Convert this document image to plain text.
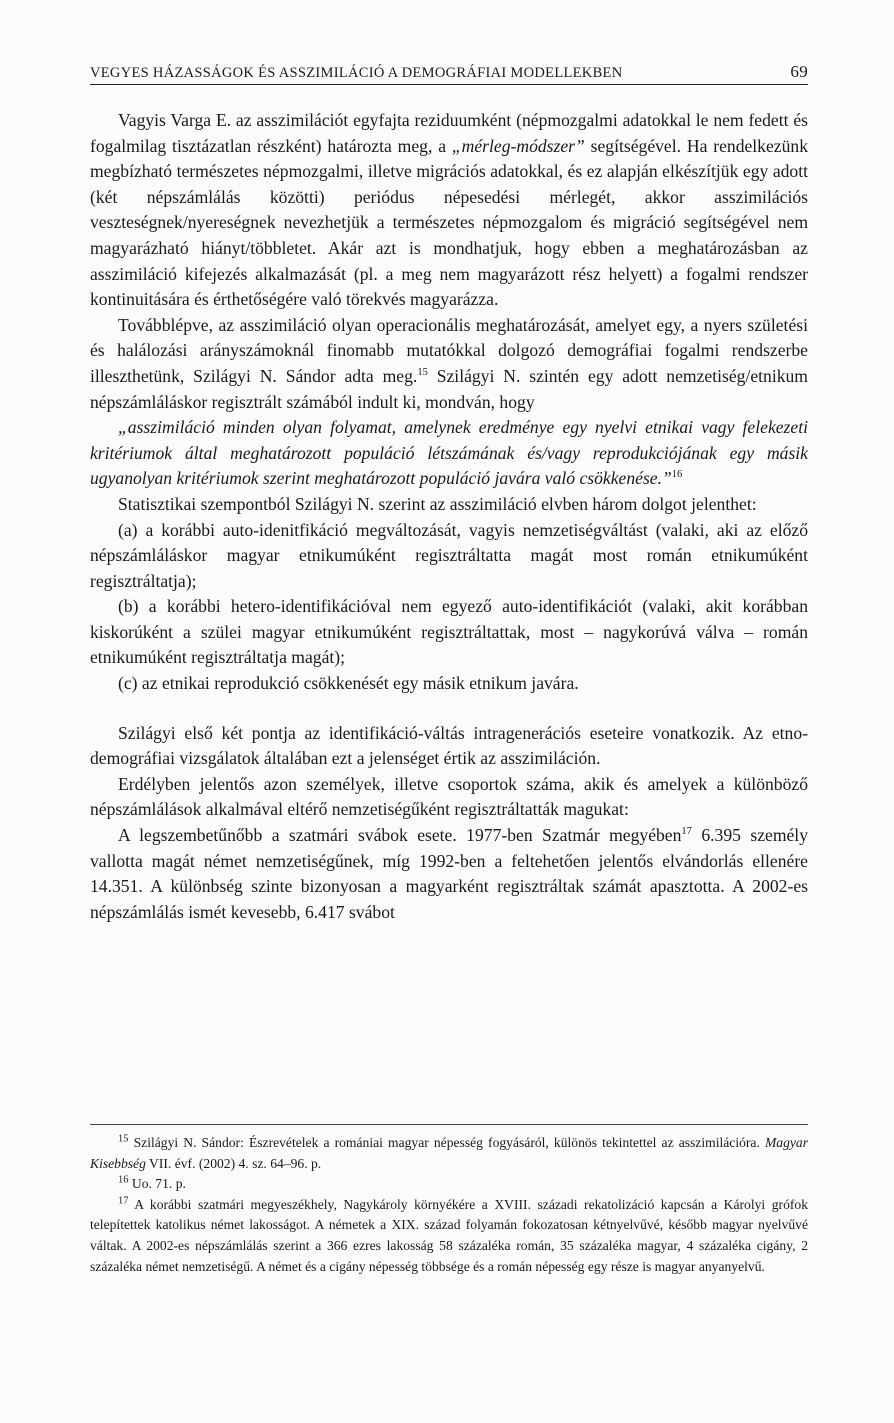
VEGYES HÁZASSÁGOK ÉS ASSZIMILÁCIÓ A DEMOGRÁFIAI MODELLEKBEN	69

Vagyis Varga E. az asszimilációt egyfajta reziduumként (népmozgalmi adatokkal le nem fedett és fogalmilag tisztázatlan részként) határozta meg, a „mérleg-módszer” segítségével. Ha rendelkezünk megbízható természetes népmozgalmi, illetve migrációs adatokkal, és ez alapján elkészítjük egy adott (két népszámlálás közötti) periódus népesedési mérlegét, akkor asszimilációs veszteségnek/nyereségnek nevezhetjük a természetes népmozgalom és migráció segítségével nem magyarázható hiányt/többletet. Akár azt is mondhatjuk, hogy ebben a meghatározásban az asszimiláció kifejezés alkalmazását (pl. a meg nem magyarázott rész helyett) a fogalmi rendszer kontinuitására és érthetőségére való törekvés magyarázza.

Továbblépve, az asszimiláció olyan operacionális meghatározását, amelyet egy, a nyers születési és halálozási arányszámoknál finomabb mutatókkal dolgozó demográfiai fogalmi rendszerbe illeszthetünk, Szilágyi N. Sándor adta meg.$^{15}$ Szilágyi N. szintén egy adott nemzetiség/etnikum népszámláláskor regisztrált számából indult ki, mondván, hogy

„asszimiláció minden olyan folyamat, amelynek eredménye egy nyelvi etnikai vagy felekezeti kritériumok által meghatározott populáció létszámának és/vagy reprodukciójának egy másik ugyanolyan kritériumok szerint meghatározott populáció javára való csökkenése.”$^{16}$

Statisztikai szempontból Szilágyi N. szerint az asszimiláció elvben három dolgot jelenthet:

(a) a korábbi auto-idenitfikáció megváltozását, vagyis nemzetiségváltást (valaki, aki az előző népszámláláskor magyar etnikumúként regisztráltatta magát most román etnikumúként regisztráltatja);

(b) a korábbi hetero-identifikációval nem egyező auto-identifikációt (valaki, akit korábban kiskorúként a szülei magyar etnikumúként regisztráltattak, most – nagykorúvá válva – román etnikumúként regisztráltatja magát);

(c) az etnikai reprodukció csökkenését egy másik etnikum javára.

Szilágyi első két pontja az identifikáció-váltás intragenerációs eseteire vonatkozik. Az etno-demográfiai vizsgálatok általában ezt a jelenséget értik az asszimiláción.

Erdélyben jelentős azon személyek, illetve csoportok száma, akik és amelyek a különböző népszámlálások alkalmával eltérő nemzetiségűként regisztráltatták magukat:

A legszembetűnőbb a szatmári svábok esete. 1977-ben Szatmár megyében$^{17}$ 6.395 személy vallotta magát német nemzetiségűnek, míg 1992-ben a feltehetően jelentős elvándorlás ellenére 14.351. A különbség szinte bizonyosan a magyarként regisztráltak számát apasztotta. A 2002-es népszámlálás ismét kevesebb, 6.417 svábot

$^{15}$ Szilágyi N. Sándor: Észrevételek a romániai magyar népesség fogyásáról, különös tekintettel az asszimilációra. Magyar Kisebbség VII. évf. (2002) 4. sz. 64–96. p.

$^{16}$ Uo. 71. p.

$^{17}$ A korábbi szatmári megyeszékhely, Nagykároly környékére a XVIII. századi rekatolizáció kapcsán a Károlyi grófok telepítettek katolikus német lakosságot. A németek a XIX. század folyamán fokozatosan kétnyelvűvé, később magyar nyelvűvé váltak. A 2002-es népszámlálás szerint a 366 ezres lakosság 58 százaléka román, 35 százaléka magyar, 4 százaléka cigány, 2 százaléka német nemzetiségű. A német és a cigány népesség többsége és a román népesség egy része is magyar anyanyelvű.
